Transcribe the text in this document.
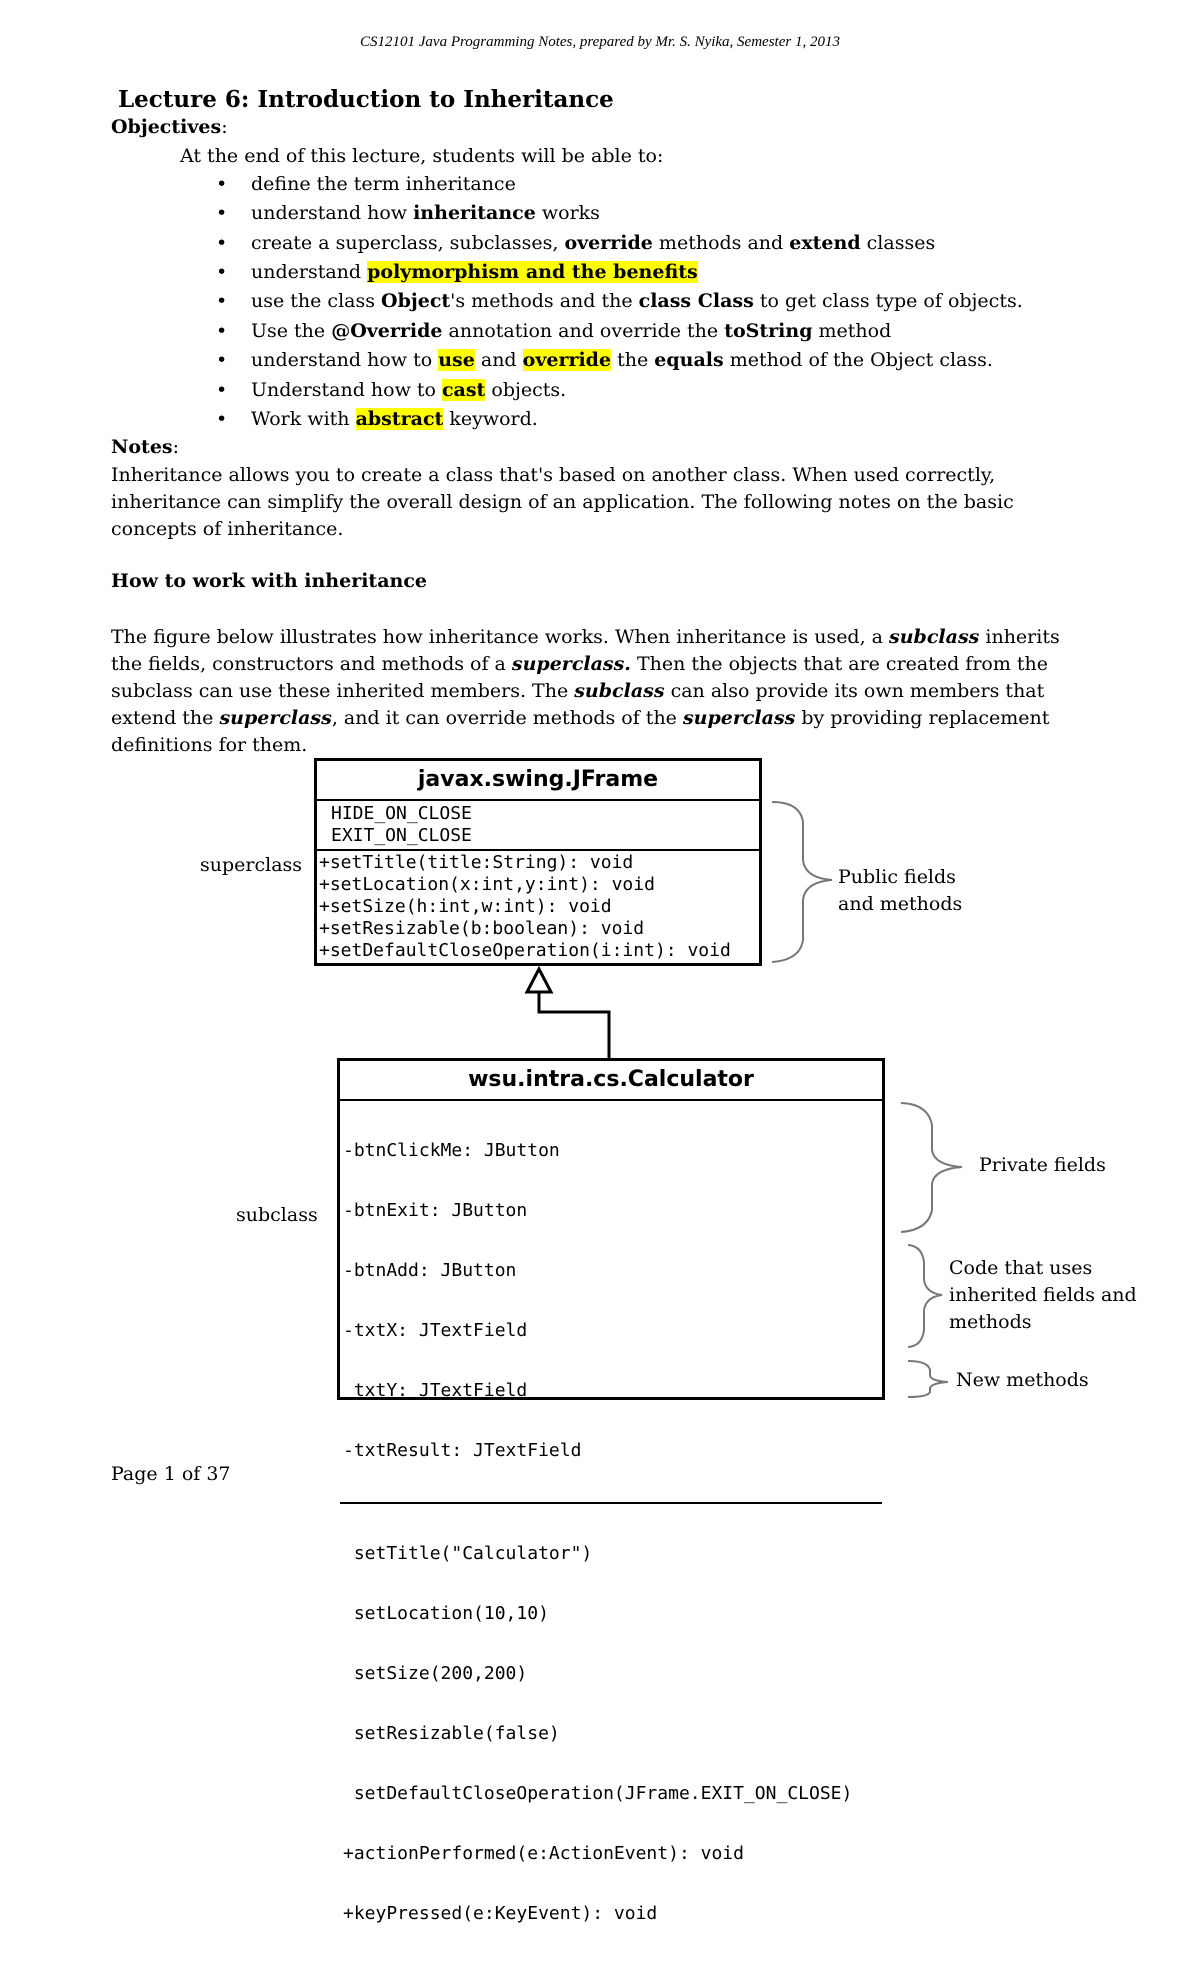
CS12101 Java Programming Notes, prepared by Mr. S. Nyika, Semester 1, 2013
Lecture 6: Introduction to Inheritance
Objectives:
At the end of this lecture, students will be able to:
• define the term inheritance
• understand how inheritance works
• create a superclass, subclasses, override methods and extend classes
• understand polymorphism and the benefits
• use the class Object's methods and the class Class to get class type of objects.
• Use the @Override annotation and override the toString method
• understand how to use and override the equals method of the Object class.
• Understand how to cast objects.
• Work with abstract keyword.
Notes:
Inheritance allows you to create a class that's based on another class. When used correctly, inheritance can simplify the overall design of an application. The following notes on the basic concepts of inheritance.
How to work with inheritance
The figure below illustrates how inheritance works. When inheritance is used, a subclass inherits the fields, constructors and methods of a superclass. Then the objects that are created from the subclass can use these inherited members. The subclass can also provide its own members that extend the superclass, and it can override methods of the superclass by providing replacement definitions for them.
javax.swing.JFrame
HIDE_ON_CLOSE
EXIT_ON_CLOSE
+setTitle(title:String): void
+setLocation(x:int,y:int): void
+setSize(h:int,w:int): void
+setResizable(b:boolean): void
+setDefaultCloseOperation(i:int): void
wsu.intra.cs.Calculator

-btnClickMe: JButton

-btnExit: JButton

-btnAdd: JButton

-txtX: JTextField

txtY: JTextField

-txtResult: JTextField

setTitle("Calculator")

setLocation(10,10)

setSize(200,200)

setResizable(false)

setDefaultCloseOperation(JFrame.EXIT_ON_CLOSE)

+actionPerformed(e:ActionEvent): void

+keyPressed(e:KeyEvent): void

superclass
subclass
Public fields
and methods
Private fields
Code that uses
inherited fields and
methods
New methods
Page 1 of 37
